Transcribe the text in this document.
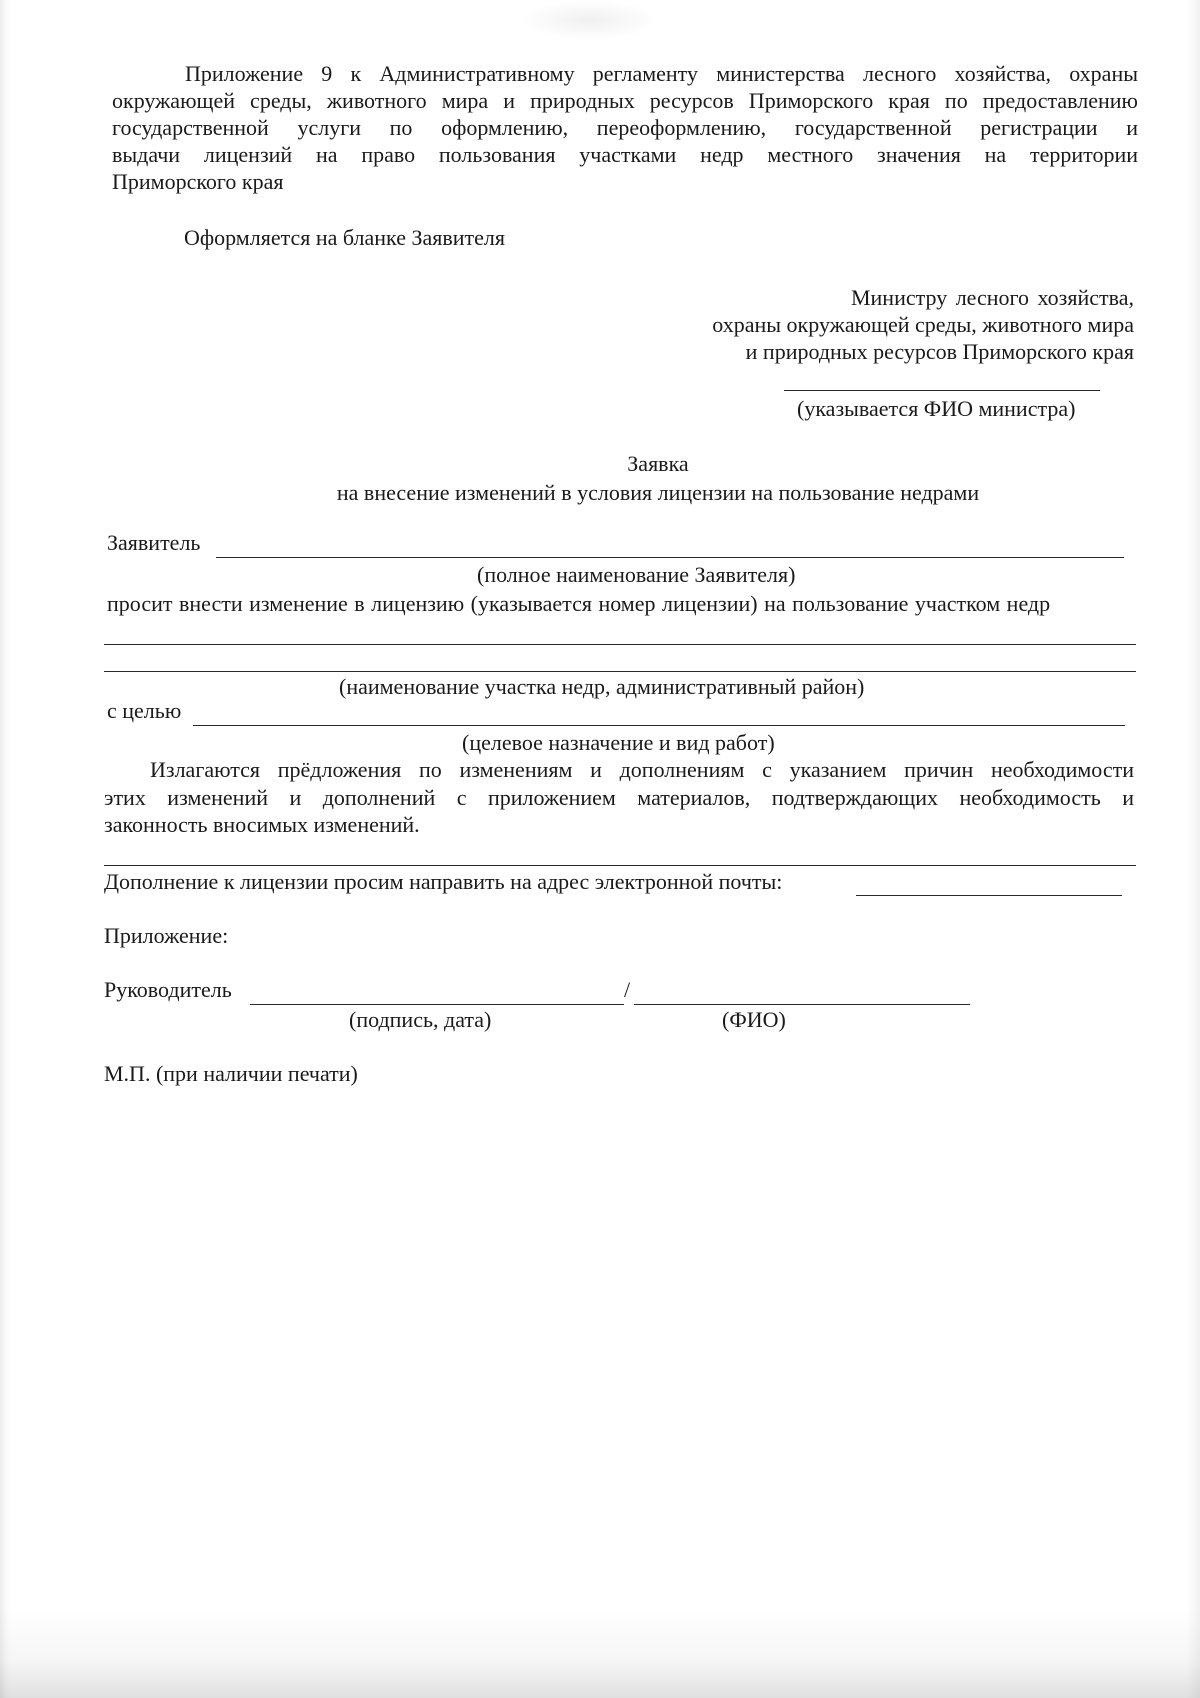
Приложение 9 к Административному регламенту министерства лесного хозяйства, охраны
окружающей среды, животного мира и природных ресурсов Приморского края по предоставлению
государственной услуги по оформлению, переоформлению, государственной регистрации и
выдачи лицензий на право пользования участками недр местного значения на территории
Приморского края
Оформляется на бланке Заявителя
Министру лесного хозяйства,
охраны окружающей среды, животного мира
и природных ресурсов Приморского края
(указывается ФИО министра)
Заявка
на внесение изменений в условия лицензии на пользование недрами
Заявитель
(полное наименование Заявителя)
просит внести изменение в лицензию (указывается номер лицензии) на пользование участком недр
(наименование участка недр, административный район)
с целью
(целевое назначение и вид работ)
Излагаются прёдложения по изменениям и дополнениям с указанием причин необходимости
этих изменений и дополнений с приложением материалов, подтверждающих необходимость и
законность вносимых изменений.
Дополнение к лицензии просим направить на адрес электронной почты:
Приложение:
Руководитель	/
(подпись, дата)	(ФИО)
М.П. (при наличии печати)
